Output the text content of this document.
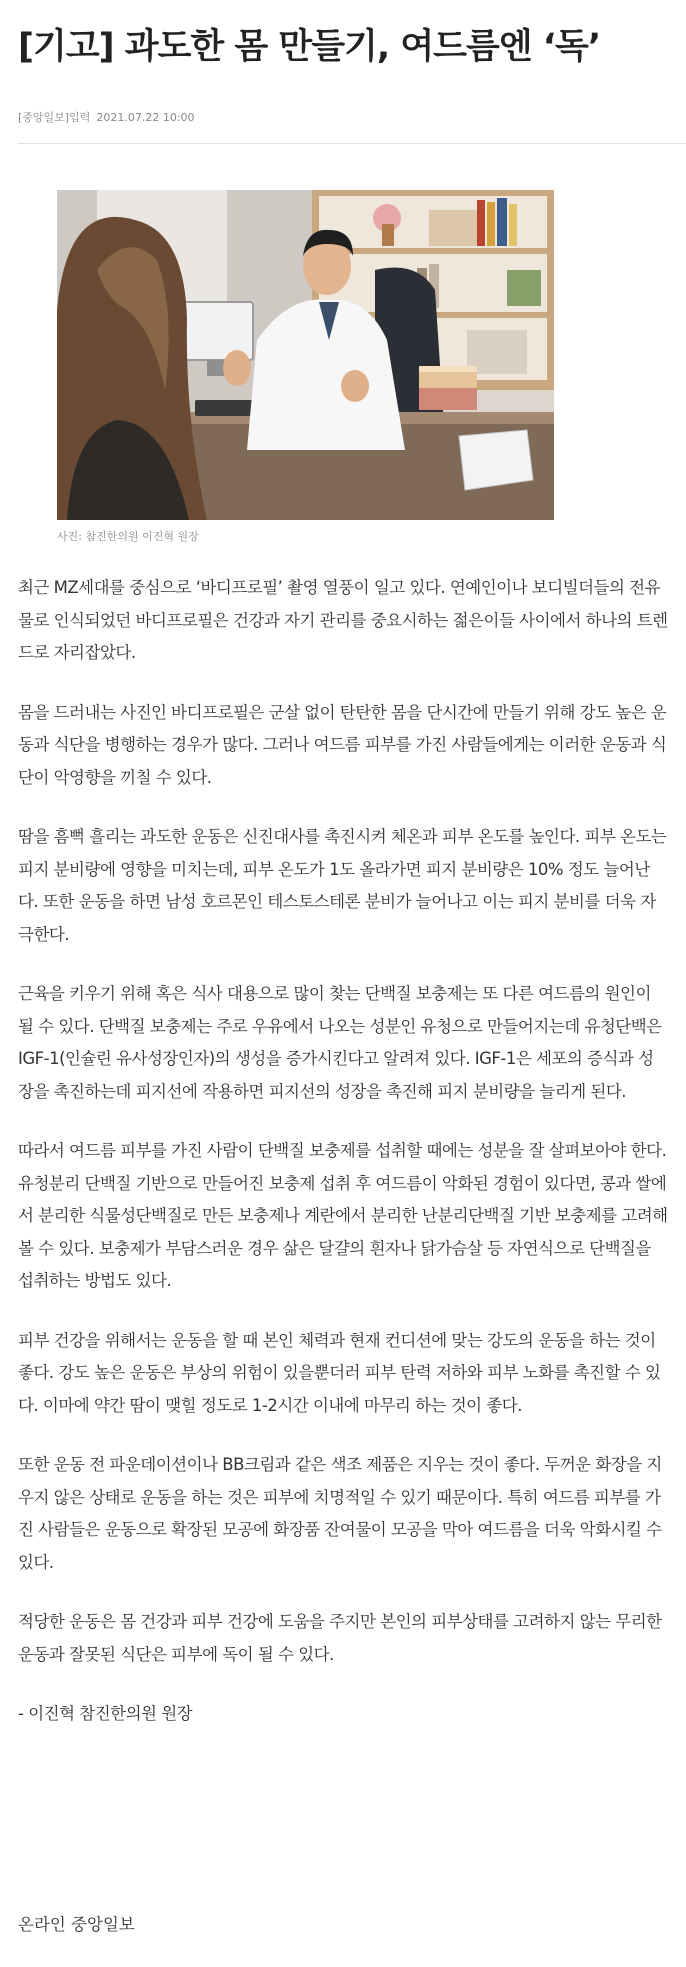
[기고] 과도한 몸 만들기, 여드름엔 ‘독’
[중앙일보]입력 2021.07.22 10:00
사진: 참진한의원 이진혁 원장

최근 MZ세대를 중심으로 ‘바디프로필’ 촬영 열풍이 일고 있다. 연예인이나 보디빌더들의 전유물로 인식되었던 바디프로필은 건강과 자기 관리를 중요시하는 젊은이들 사이에서 하나의 트렌드로 자리잡았다.

몸을 드러내는 사진인 바디프로필은 군살 없이 탄탄한 몸을 단시간에 만들기 위해 강도 높은 운동과 식단을 병행하는 경우가 많다. 그러나 여드름 피부를 가진 사람들에게는 이러한 운동과 식단이 악영향을 끼칠 수 있다.

땀을 흠뻑 흘리는 과도한 운동은 신진대사를 촉진시켜 체온과 피부 온도를 높인다. 피부 온도는피지 분비량에 영향을 미치는데, 피부 온도가 1도 올라가면 피지 분비량은 10% 정도 늘어난다. 또한 운동을 하면 남성 호르몬인 테스토스테론 분비가 늘어나고 이는 피지 분비를 더욱 자극한다.

근육을 키우기 위해 혹은 식사 대용으로 많이 찾는 단백질 보충제는 또 다른 여드름의 원인이 될 수 있다. 단백질 보충제는 주로 우유에서 나오는 성분인 유청으로 만들어지는데 유청단백은 IGF-1(인슐린 유사성장인자)의 생성을 증가시킨다고 알려져 있다. IGF-1은 세포의 증식과 성장을 촉진하는데 피지선에 작용하면 피지선의 성장을 촉진해 피지 분비량을 늘리게 된다.

따라서 여드름 피부를 가진 사람이 단백질 보충제를 섭취할 때에는 성분을 잘 살펴보아야 한다. 유청분리 단백질 기반으로 만들어진 보충제 섭취 후 여드름이 악화된 경험이 있다면, 콩과 쌀에서 분리한 식물성단백질로 만든 보충제나 계란에서 분리한 난분리단백질 기반 보충제를 고려해 볼 수 있다. 보충제가 부담스러운 경우 삶은 달걀의 흰자나 닭가슴살 등 자연식으로 단백질을 섭취하는 방법도 있다.

피부 건강을 위해서는 운동을 할 때 본인 체력과 현재 컨디션에 맞는 강도의 운동을 하는 것이 좋다. 강도 높은 운동은 부상의 위험이 있을뿐더러 피부 탄력 저하와 피부 노화를 촉진할 수 있다. 이마에 약간 땀이 맺힐 정도로 1-2시간 이내에 마무리 하는 것이 좋다.

또한 운동 전 파운데이션이나 BB크림과 같은 색조 제품은 지우는 것이 좋다. 두꺼운 화장을 지우지 않은 상태로 운동을 하는 것은 피부에 치명적일 수 있기 때문이다. 특히 여드름 피부를 가진 사람들은 운동으로 확장된 모공에 화장품 잔여물이 모공을 막아 여드름을 더욱 악화시킬 수 있다.

적당한 운동은 몸 건강과 피부 건강에 도움을 주지만 본인의 피부상태를 고려하지 않는 무리한 운동과 잘못된 식단은 피부에 독이 될 수 있다.

- 이진혁 참진한의원 원장

온라인 중앙일보
